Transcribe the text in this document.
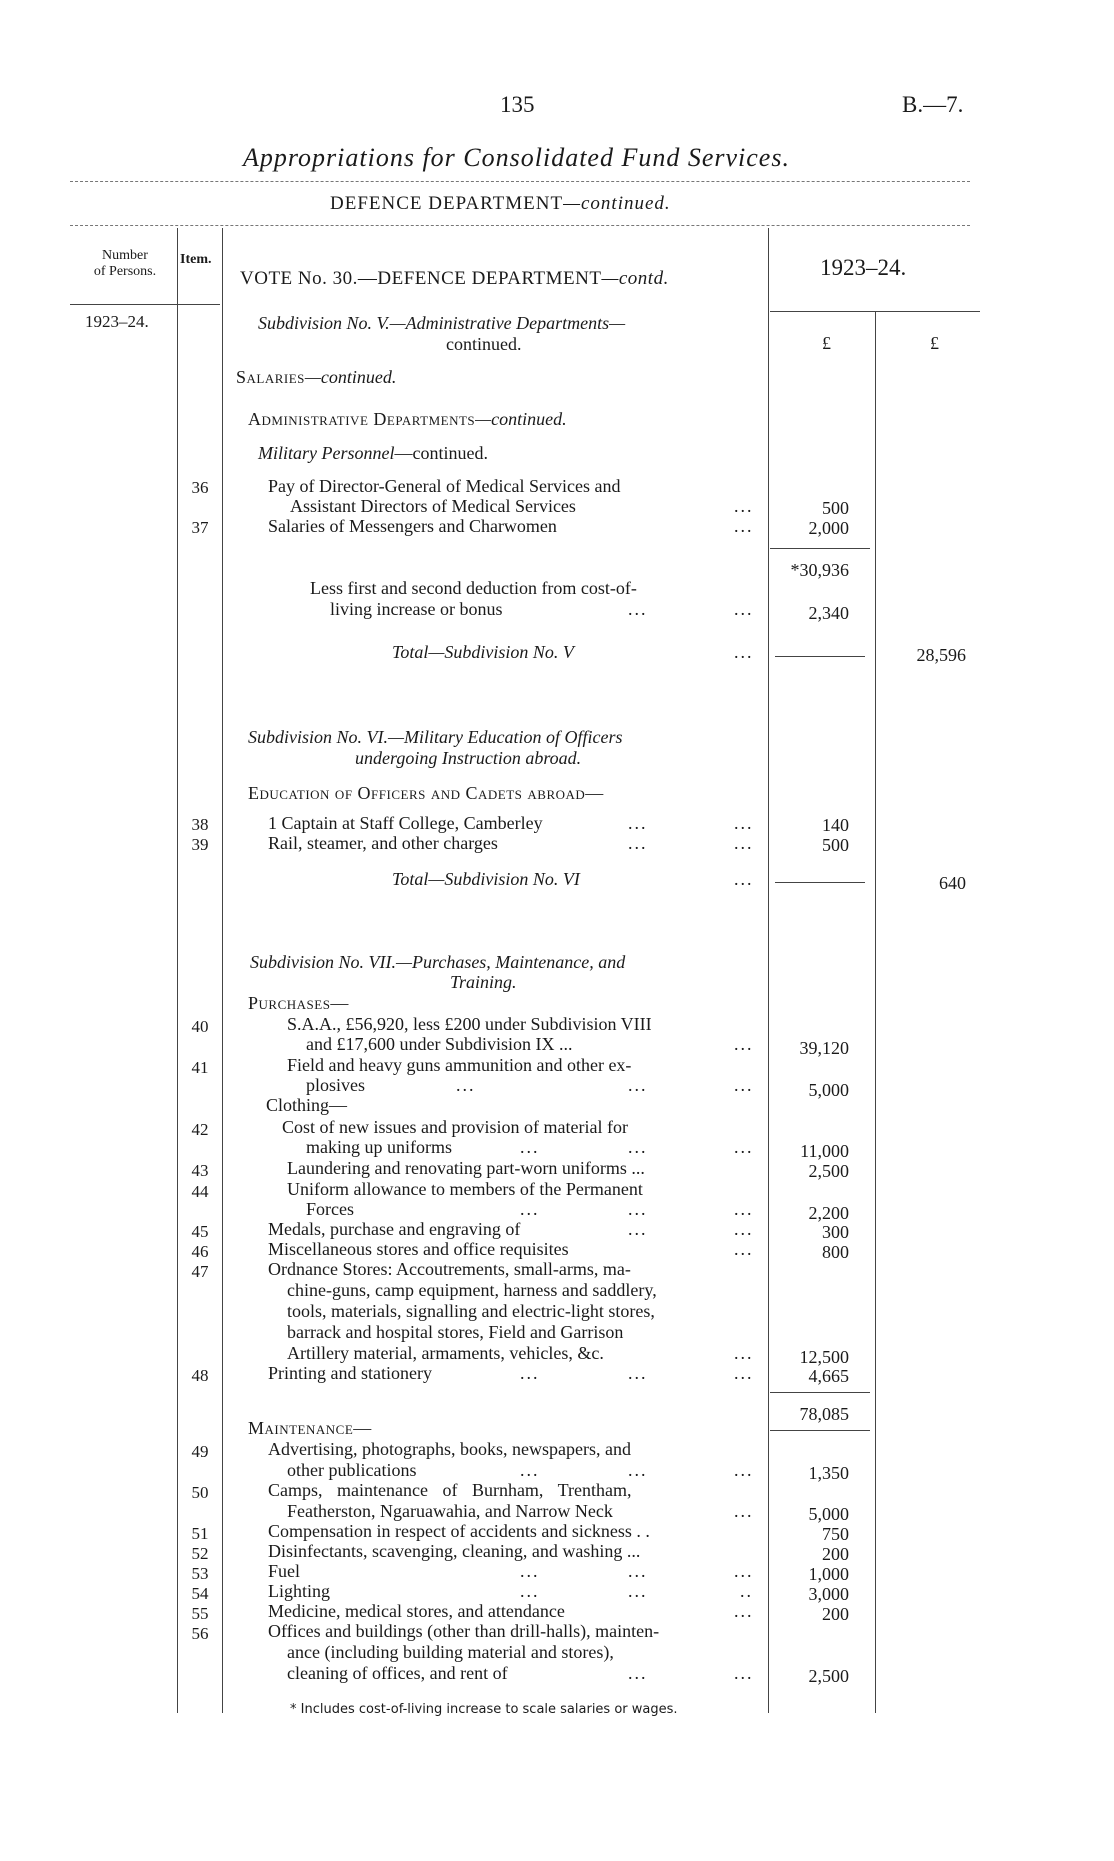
135	B.—7.
Appropriations for Consolidated Fund Services.
DEFENCE DEPARTMENT—continued.
Number
of Persons.
Item.
VOTE No. 30.—DEFENCE DEPARTMENT—contd.	1923–24.
1923–24.
£	£
Subdivision No. V.—Administrative Departments—
continued.
Salaries—continued.
Administrative Departments—continued.
Military Personnel—continued.
36	Pay of Director-General of Medical Services and
Assistant Directors of Medical Services	...	500
37	Salaries of Messengers and Charwomen	...	2,000
*30,936
Less first and second deduction from cost-of-
living increase or bonus	...	...	2,340
Total—Subdivision No. V	...	28,596
Subdivision No. VI.—Military Education of Officers
undergoing Instruction abroad.
Education of Officers and Cadets abroad—
38	1 Captain at Staff College, Camberley	...	...	140
39	Rail, steamer, and other charges	...	...	500
Total—Subdivision No. VI	...	640
Subdivision No. VII.—Purchases, Maintenance, and
Training.
Purchases—
40	S.A.A., £56,920, less £200 under Subdivision VIII
and £17,600 under Subdivision IX ...	...	39,120
41	Field and heavy guns ammunition and other ex-
plosives	...	...	...	5,000
Clothing—
42	Cost of new issues and provision of material for
making up uniforms	...	...	...	11,000
43	Laundering and renovating part-worn uniforms ...	2,500
44	Uniform allowance to members of the Permanent
Forces	...	...	...	2,200
45	Medals, purchase and engraving of	...	...	300
46	Miscellaneous stores and office requisites	...	800
47	Ordnance Stores: Accoutrements, small-arms, ma-
chine-guns, camp equipment, harness and saddlery,
tools, materials, signalling and electric-light stores,
barrack and hospital stores, Field and Garrison
Artillery material, armaments, vehicles, &c.	...	12,500
48	Printing and stationery	...	...	...	4,665
78,085
Maintenance—
49	Advertising, photographs, books, newspapers, and
other publications	...	...	...	1,350
50	Camps, maintenance of Burnham, Trentham,
Featherston, Ngaruawahia, and Narrow Neck	...	5,000
51	Compensation in respect of accidents and sickness . .	750
52	Disinfectants, scavenging, cleaning, and washing ...	200
53	Fuel	...	...	...	1,000
54	Lighting	...	...	..	3,000
55	Medicine, medical stores, and attendance	...	200
56	Offices and buildings (other than drill-halls), mainten-
ance (including building material and stores),
cleaning of offices, and rent of	...	...	2,500
* Includes cost-of-living increase to scale salaries or wages.
